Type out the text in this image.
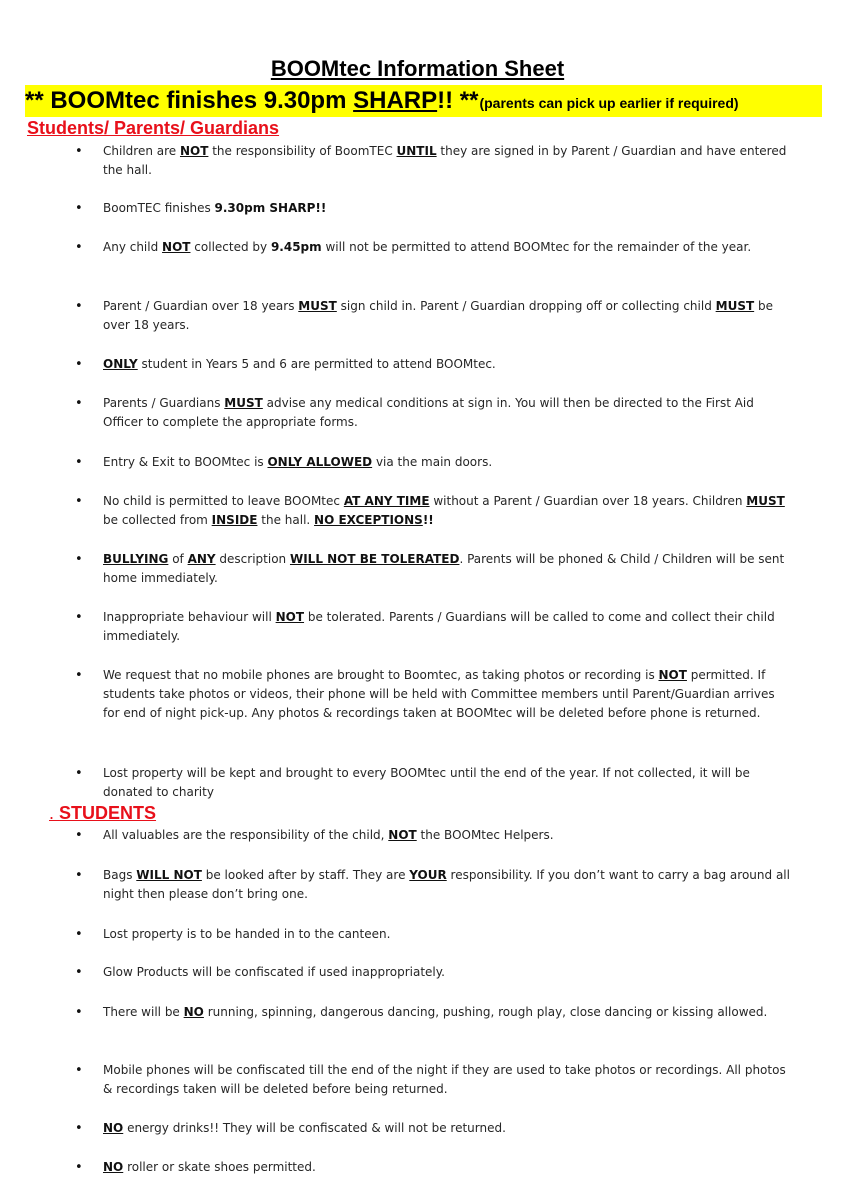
BOOMtec Information Sheet
** BOOMtec finishes 9.30pm SHARP!! **(parents can pick up earlier if required)
Students/ Parents/ Guardians
• Children are NOT the responsibility of BoomTEC UNTIL they are signed in by Parent / Guardian and have entered the hall.
• BoomTEC finishes 9.30pm SHARP!!
• Any child NOT collected by 9.45pm will not be permitted to attend BOOMtec for the remainder of the year.
• Parent / Guardian over 18 years MUST sign child in. Parent / Guardian dropping off or collecting child MUST be over 18 years.
• ONLY student in Years 5 and 6 are permitted to attend BOOMtec.
• Parents / Guardians MUST advise any medical conditions at sign in. You will then be directed to the First Aid Officer to complete the appropriate forms.
• Entry & Exit to BOOMtec is ONLY ALLOWED via the main doors.
• No child is permitted to leave BOOMtec AT ANY TIME without a Parent / Guardian over 18 years. Children MUST be collected from INSIDE the hall. NO EXCEPTIONS!!
• BULLYING of ANY description WILL NOT BE TOLERATED. Parents will be phoned & Child / Children will be sent home immediately.
• Inappropriate behaviour will NOT be tolerated. Parents / Guardians will be called to come and collect their child immediately.
• We request that no mobile phones are brought to Boomtec, as taking photos or recording is NOT permitted. If students take photos or videos, their phone will be held with Committee members until Parent/Guardian arrives for end of night pick-up. Any photos & recordings taken at BOOMtec will be deleted before phone is returned.
• Lost property will be kept and brought to every BOOMtec until the end of the year. If not collected, it will be donated to charity
. STUDENTS
• All valuables are the responsibility of the child, NOT the BOOMtec Helpers.
• Bags WILL NOT be looked after by staff. They are YOUR responsibility. If you don’t want to carry a bag around all night then please don’t bring one.
• Lost property is to be handed in to the canteen.
• Glow Products will be confiscated if used inappropriately.
• There will be NO running, spinning, dangerous dancing, pushing, rough play, close dancing or kissing allowed.
• Mobile phones will be confiscated till the end of the night if they are used to take photos or recordings. All photos & recordings taken will be deleted before being returned.
• NO energy drinks!! They will be confiscated & will not be returned.
• NO roller or skate shoes permitted.
